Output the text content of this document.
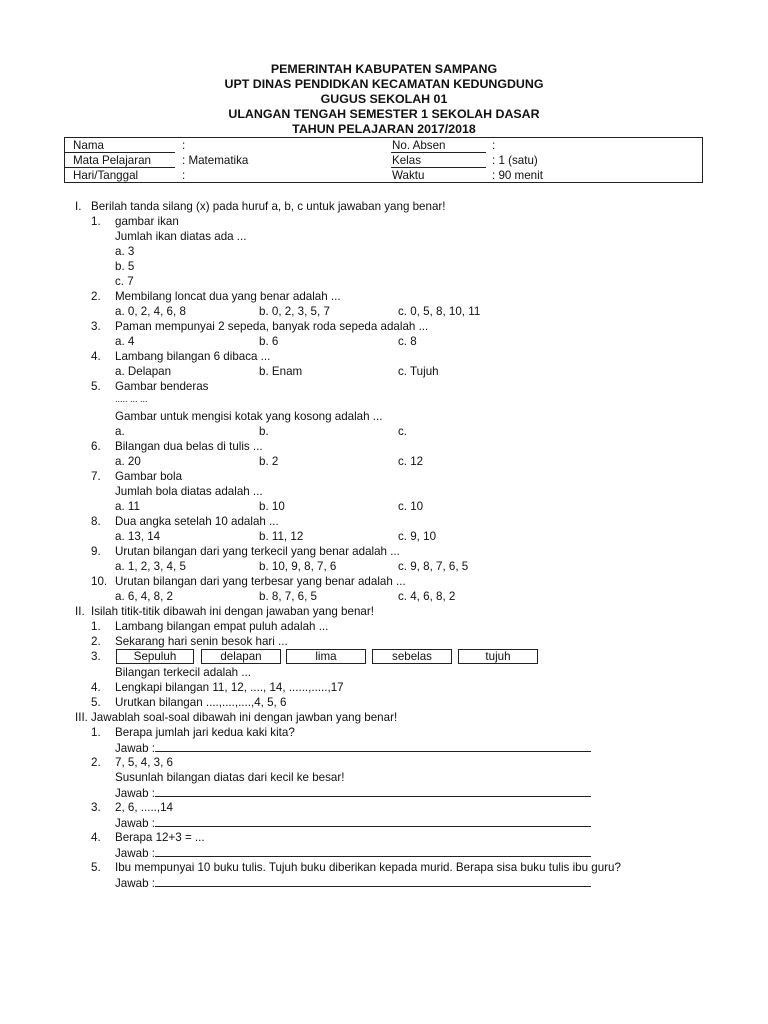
PEMERINTAH KABUPATEN SAMPANG
UPT DINAS PENDIDKAN KECAMATAN KEDUNGDUNG
GUGUS SEKOLAH 01
ULANGAN TENGAH SEMESTER 1 SEKOLAH DASAR
TAHUN PELAJARAN 2017/2018
Nama	:	No. Absen	:
Mata Pelajaran	: Matematika	Kelas	: 1 (satu)
Hari/Tanggal	:	Waktu	: 90 menit
I. Berilah tanda silang (x) pada huruf a, b, c untuk jawaban yang benar!
1. gambar ikan
Jumlah ikan diatas ada ...
a. 3
b. 5
c. 7
2. Membilang loncat dua yang benar adalah ...
a. 0, 2, 4, 6, 8	b. 0, 2, 3, 5, 7	c. 0, 5, 8, 10, 11
3. Paman mempunyai 2 sepeda, banyak roda sepeda adalah ...
a. 4	b. 6	c. 8
4. Lambang bilangan 6 dibaca ...
a. Delapan	b. Enam	c. Tujuh
5. Gambar benderas
..... ... ...
Gambar untuk mengisi kotak yang kosong adalah ...
a.	b.	c.
6. Bilangan dua belas di tulis ...
a. 20	b. 2	c. 12
7. Gambar bola
Jumlah bola diatas adalah ...
a. 11	b. 10	c. 10
8. Dua angka setelah 10 adalah ...
a. 13, 14	b. 11, 12	c. 9, 10
9. Urutan bilangan dari yang terkecil yang benar adalah ...
a. 1, 2, 3, 4, 5	b. 10, 9, 8, 7, 6	c. 9, 8, 7, 6, 5
10. Urutan bilangan dari yang terbesar yang benar adalah ...
a. 6, 4, 8, 2	b. 8, 7, 6, 5	c. 4, 6, 8, 2
II. Isilah titik-titik dibawah ini dengan jawaban yang benar!
1. Lambang bilangan empat puluh adalah ...
2. Sekarang hari senin besok hari ...
3.	Sepuluh	delapan	lima	sebelas	tujuh
Bilangan terkecil adalah ...
4. Lengkapi bilangan 11, 12, ...., 14, ......,.....,17
5. Urutkan bilangan ....,....,....,4, 5, 6
III. Jawablah soal-soal dibawah ini dengan jawban yang benar!
1. Berapa jumlah jari kedua kaki kita?
Jawab :
2. 7, 5, 4, 3, 6
Susunlah bilangan diatas dari kecil ke besar!
Jawab :
3. 2, 6, .....,14
Jawab :
4. Berapa 12+3 = ...
Jawab :
5. Ibu mempunyai 10 buku tulis. Tujuh buku diberikan kepada murid. Berapa sisa buku tulis ibu guru?
Jawab :
